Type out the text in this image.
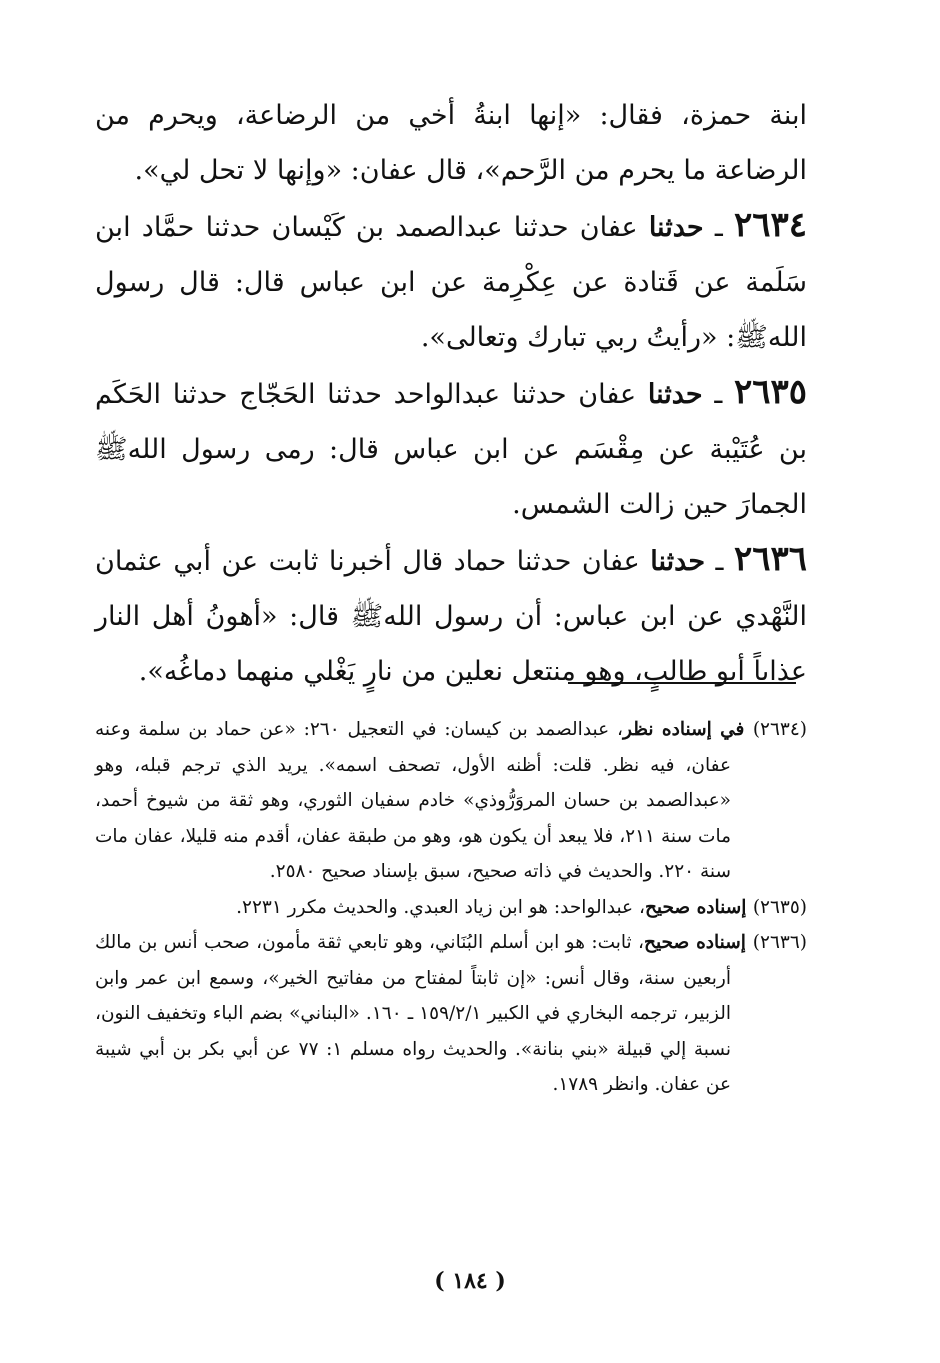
ابنة حمزة، فقال: «إنها ابنةُ أخي من الرضاعة، ويحرم من الرضاعة ما يحرم من الرَّحم»، قال عفان: «وإنها لا تحل لي».

٢٦٣٤ ـ حدثنا عفان حدثنا عبدالصمد بن كَيْسان حدثنا حمَّاد ابن سَلَمة عن قَتادة عن عِكْرِمة عن ابن عباس قال: قال رسول اللهﷺ: «رأيتُ ربي تبارك وتعالى».

٢٦٣٥ ـ حدثنا عفان حدثنا عبدالواحد حدثنا الحَجّاج حدثنا الحَكَم بن عُتَيْبة عن مِقْسَم عن ابن عباس قال: رمى رسول اللهﷺ الجمارَ حين زالت الشمس.

٢٦٣٦ ـ حدثنا عفان حدثنا حماد قال أخبرنا ثابت عن أبي عثمان النَّهْدي عن ابن عباس: أن رسول اللهﷺ قال: «أهونُ أهل النار عذاباً أبو طالبٍ، وهو منتعل نعلين من نارٍ يَغْلي منهما دماغُه».

(٢٦٣٤) في إسناده نظر، عبدالصمد بن كيسان: في التعجيل ٢٦٠: «عن حماد بن سلمة وعنه عفان، فيه نظر. قلت: أظنه الأول، تصحف اسمه». يريد الذي ترجم قبله، وهو «عبدالصمد بن حسان المروَرُّوذي» خادم سفيان الثوري، وهو ثقة من شيوخ أحمد، مات سنة ٢١١، فلا يبعد أن يكون هو، وهو من طبقة عفان، أقدم منه قليلا، عفان مات سنة ٢٢٠. والحديث في ذاته صحيح، سبق بإسناد صحيح ٢٥٨٠.

(٢٦٣٥) إسناده صحيح، عبدالواحد: هو ابن زياد العبدي. والحديث مكرر ٢٢٣١.

(٢٦٣٦) إسناده صحيح، ثابت: هو ابن أسلم البُنَاني، وهو تابعي ثقة مأمون، صحب أنس بن مالك أربعين سنة، وقال أنس: «إن ثابتاً لمفتاح من مفاتيح الخير»، وسمع ابن عمر وابن الزبير، ترجمه البخاري في الكبير ١٥٩/٢/١ ـ ١٦٠. «البناني» بضم الباء وتخفيف النون، نسبة إلي قبيلة «بني بنانة». والحديث رواه مسلم ١: ٧٧ عن أبي بكر بن أبي شيبة عن عفان. وانظر ١٧٨٩.

( ١٨٤ )
